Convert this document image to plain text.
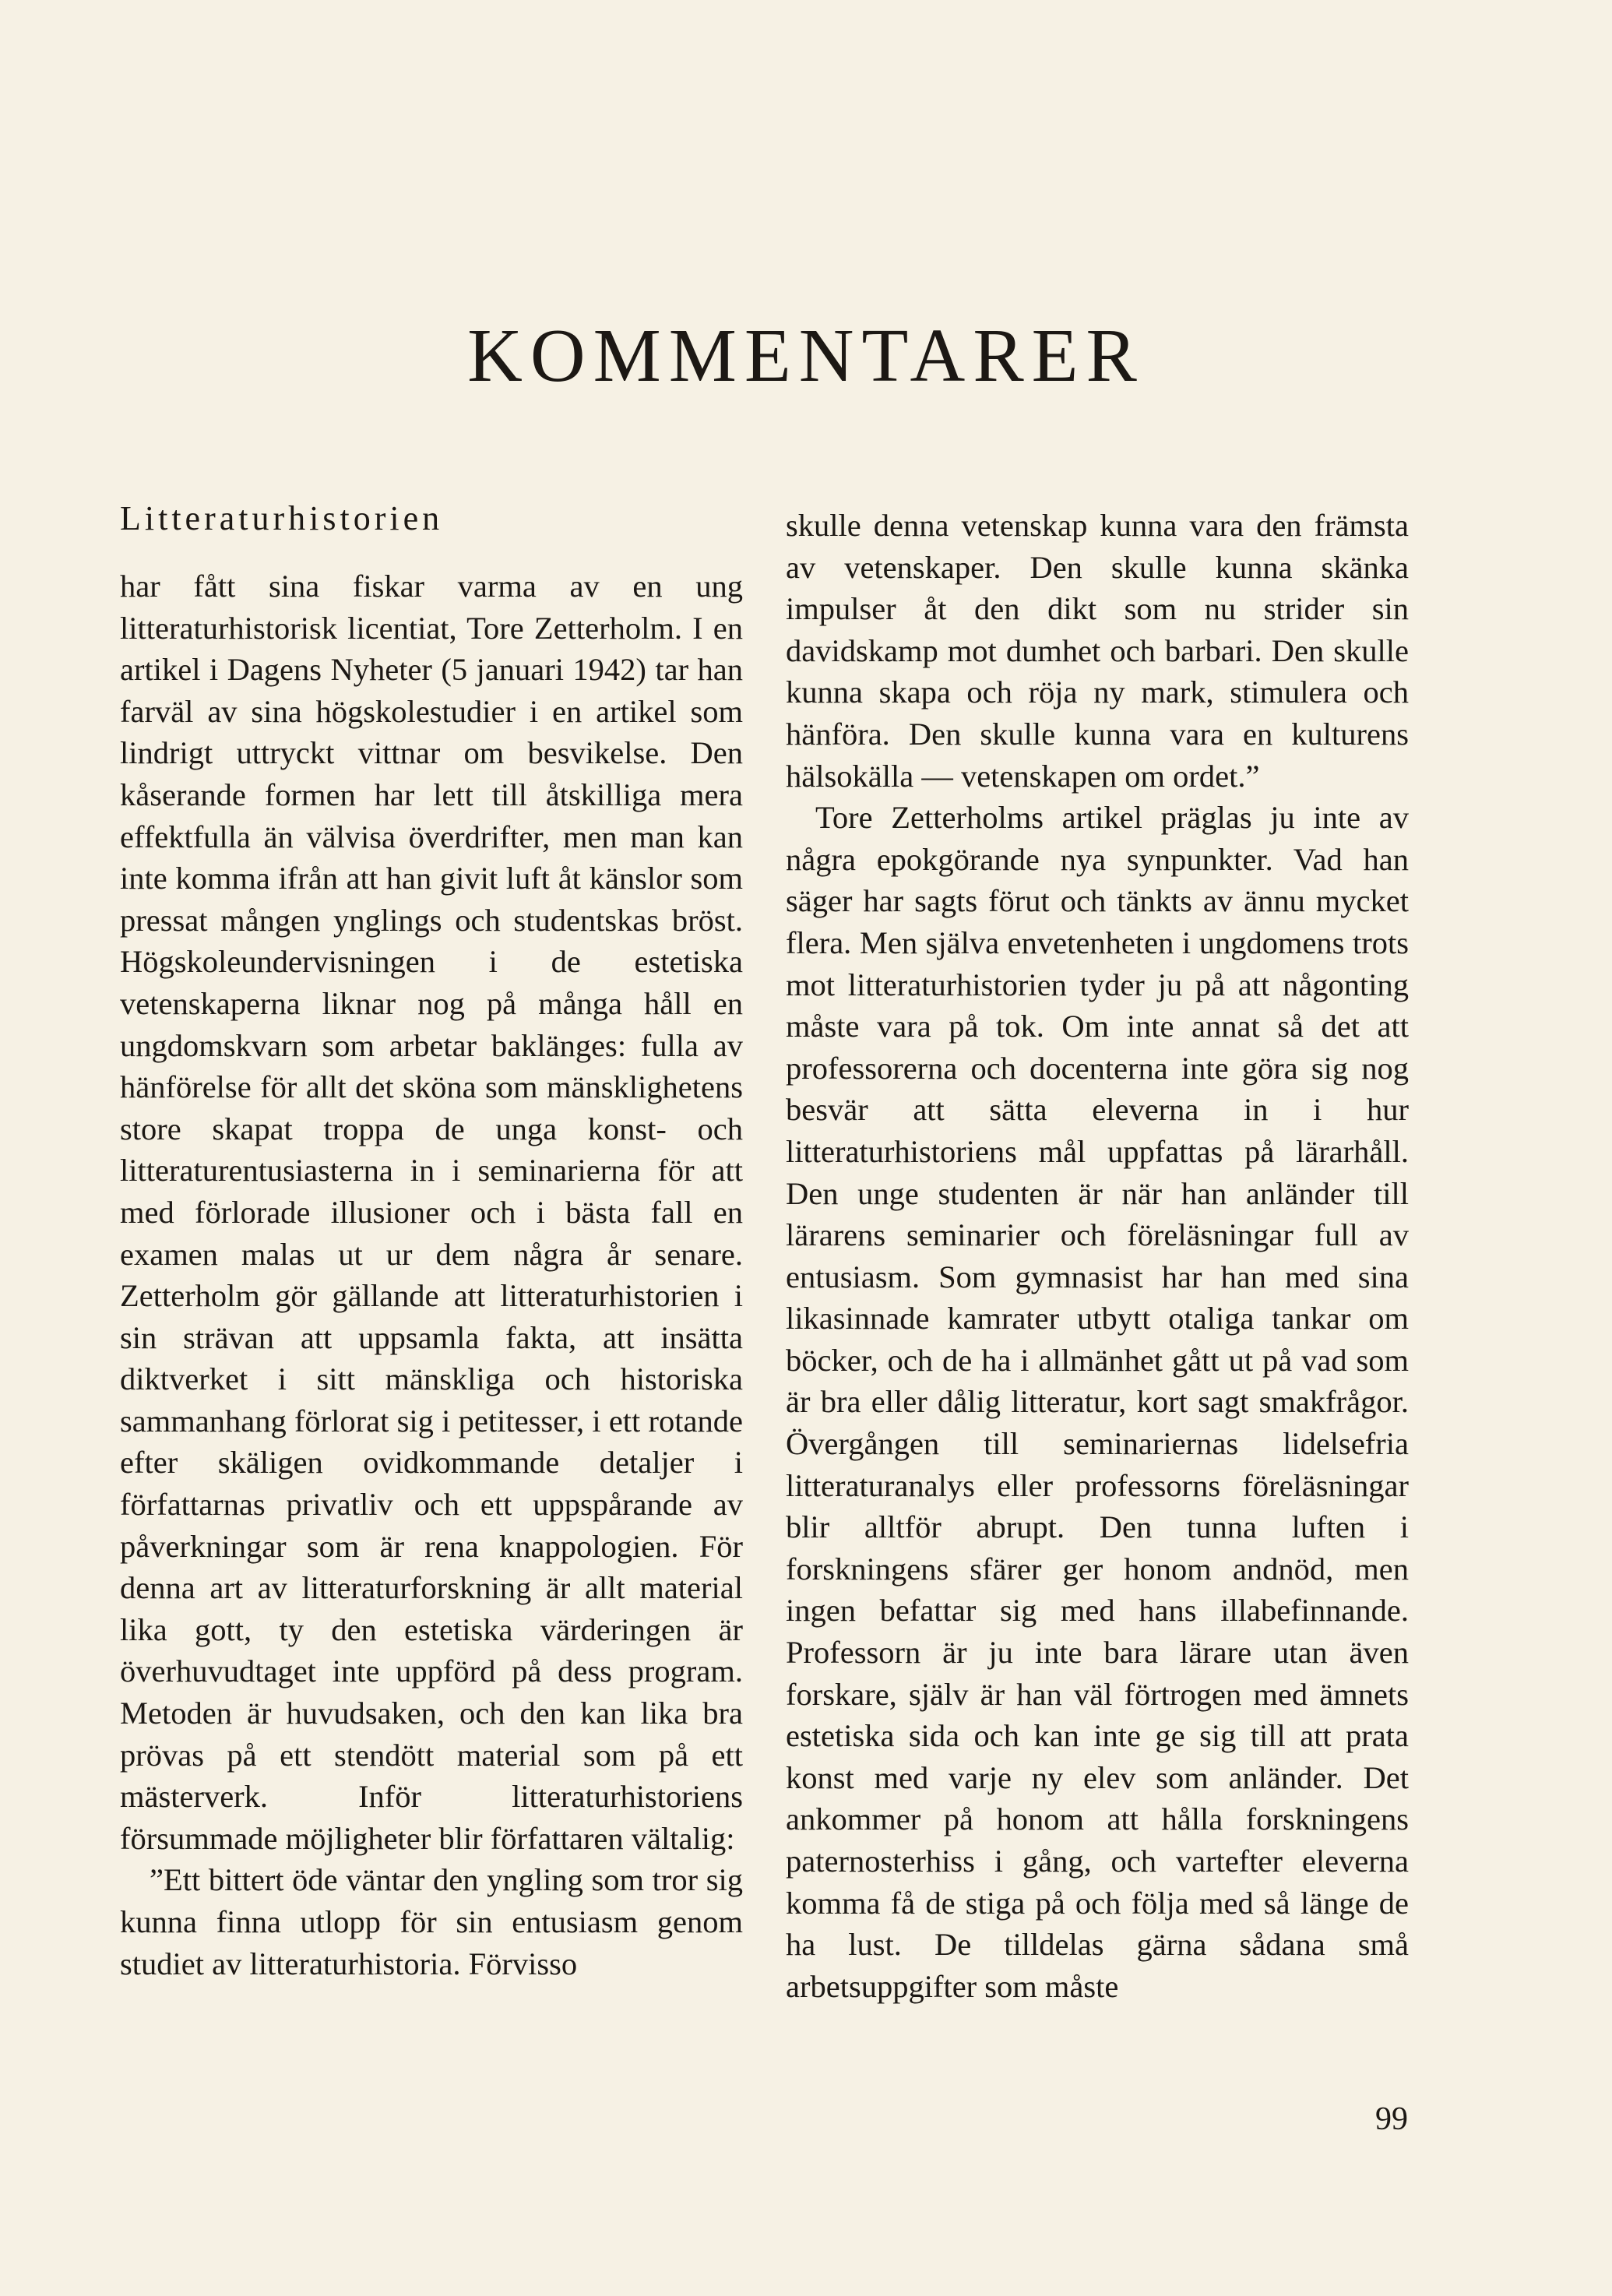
KOMMENTARER
Litteraturhistorien

har fått sina fiskar varma av en ung litteraturhistorisk licentiat, Tore Zetterholm. I en artikel i Dagens Nyheter (5 januari 1942) tar han farväl av sina högskolestudier i en artikel som lindrigt uttryckt vittnar om besvikelse. Den kåserande formen har lett till åtskilliga mera effektfulla än välvisa överdrifter, men man kan inte komma ifrån att han givit luft åt känslor som pressat mången ynglings och studentskas bröst. Högskoleundervisningen i de estetiska vetenskaperna liknar nog på många håll en ungdomskvarn som arbetar baklänges: fulla av hänförelse för allt det sköna som mänsklighetens store skapat troppa de unga konst- och litteraturentusiasterna in i seminarierna för att med förlorade illusioner och i bästa fall en examen malas ut ur dem några år senare. Zetterholm gör gällande att litteraturhistorien i sin strävan att uppsamla fakta, att insätta diktverket i sitt mänskliga och historiska sammanhang förlorat sig i petitesser, i ett rotande efter skäligen ovidkommande detaljer i författarnas privatliv och ett uppspårande av påverkningar som är rena knappologien. För denna art av litteraturforskning är allt material lika gott, ty den estetiska värderingen är överhuvudtaget inte uppförd på dess program. Metoden är huvudsaken, och den kan lika bra prövas på ett stendött material som på ett mästerverk. Inför litteraturhistoriens försummade möjligheter blir författaren vältalig:

”Ett bittert öde väntar den yngling som tror sig kunna finna utlopp för sin entusiasm genom studiet av litteraturhistoria. Förvisso

skulle denna vetenskap kunna vara den främsta av vetenskaper. Den skulle kunna skänka impulser åt den dikt som nu strider sin davidskamp mot dumhet och barbari. Den skulle kunna skapa och röja ny mark, stimulera och hänföra. Den skulle kunna vara en kulturens hälsokälla — vetenskapen om ordet.”

Tore Zetterholms artikel präglas ju inte av några epokgörande nya synpunkter. Vad han säger har sagts förut och tänkts av ännu mycket flera. Men själva envetenheten i ungdomens trots mot litteraturhistorien tyder ju på att någonting måste vara på tok. Om inte annat så det att professorerna och docenterna inte göra sig nog besvär att sätta eleverna in i hur litteraturhistoriens mål uppfattas på lärarhåll. Den unge studenten är när han anländer till lärarens seminarier och föreläsningar full av entusiasm. Som gymnasist har han med sina likasinnade kamrater utbytt otaliga tankar om böcker, och de ha i allmänhet gått ut på vad som är bra eller dålig litteratur, kort sagt smakfrågor. Övergången till seminariernas lidelsefria litteraturanalys eller professorns föreläsningar blir alltför abrupt. Den tunna luften i forskningens sfärer ger honom andnöd, men ingen befattar sig med hans illabefinnande. Professorn är ju inte bara lärare utan även forskare, själv är han väl förtrogen med ämnets estetiska sida och kan inte ge sig till att prata konst med varje ny elev som anländer. Det ankommer på honom att hålla forskningens paternosterhiss i gång, och vartefter eleverna komma få de stiga på och följa med så länge de ha lust. De tilldelas gärna sådana små arbetsuppgifter som måste

99
